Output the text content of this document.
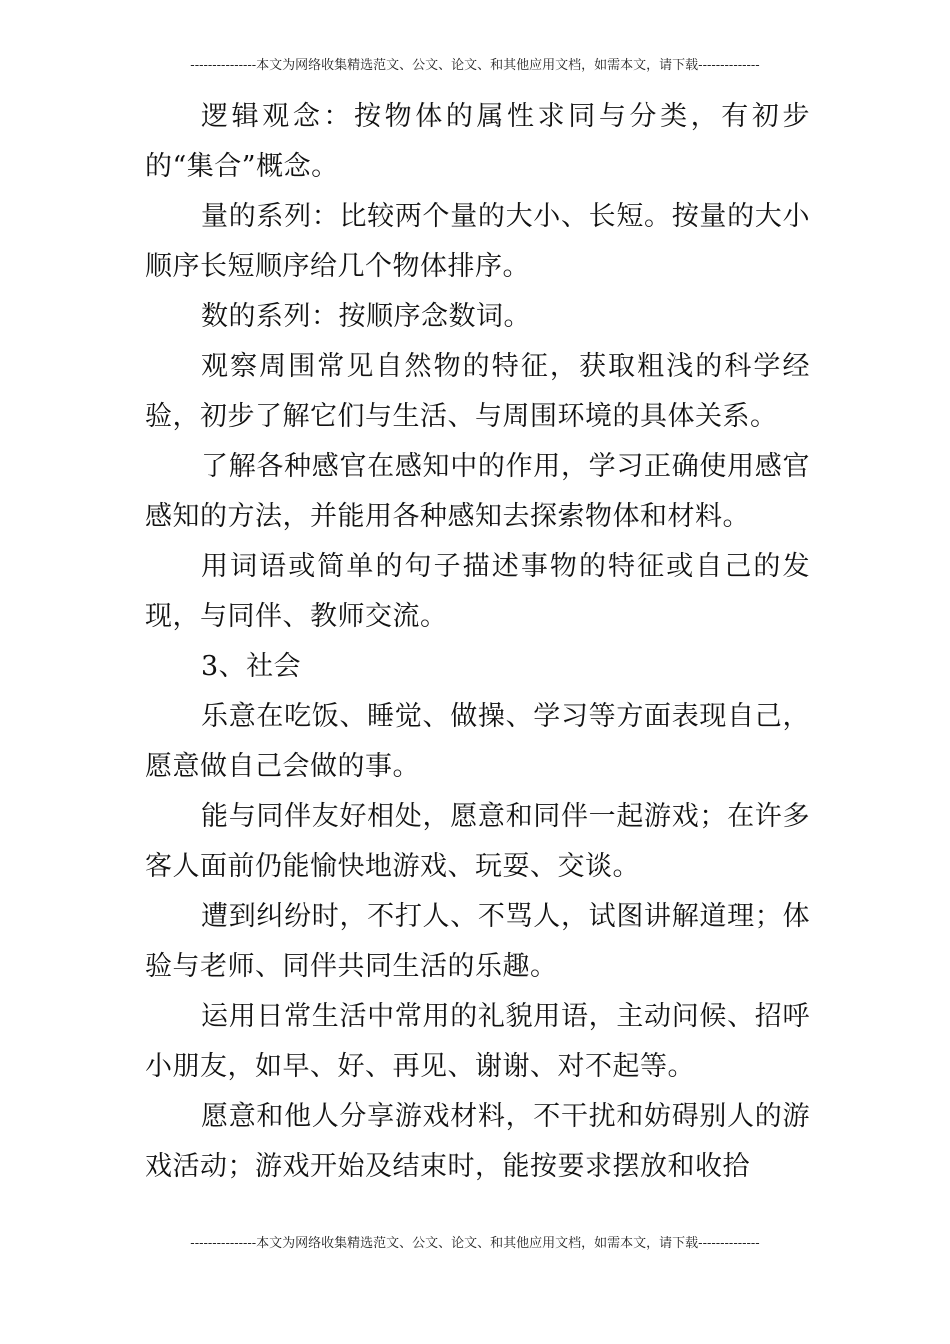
---------------本文为网络收集精选范文、公文、论文、和其他应用文档，如需本文，请下载--------------

逻辑观念：按物体的属性求同与分类，有初步的“集合”概念。

量的系列：比较两个量的大小、长短。按量的大小顺序长短顺序给几个物体排序。

数的系列：按顺序念数词。

观察周围常见自然物的特征，获取粗浅的科学经验，初步了解它们与生活、与周围环境的具体关系。

了解各种感官在感知中的作用，学习正确使用感官感知的方法，并能用各种感知去探索物体和材料。

用词语或简单的句子描述事物的特征或自己的发现，与同伴、教师交流。

3、社会

乐意在吃饭、睡觉、做操、学习等方面表现自己，愿意做自己会做的事。

能与同伴友好相处，愿意和同伴一起游戏；在许多客人面前仍能愉快地游戏、玩耍、交谈。

遭到纠纷时，不打人、不骂人，试图讲解道理；体验与老师、同伴共同生活的乐趣。

运用日常生活中常用的礼貌用语，主动问候、招呼小朋友，如早、好、再见、谢谢、对不起等。

愿意和他人分享游戏材料，不干扰和妨碍别人的游戏活动；游戏开始及结束时，能按要求摆放和收拾

---------------本文为网络收集精选范文、公文、论文、和其他应用文档，如需本文，请下载--------------
